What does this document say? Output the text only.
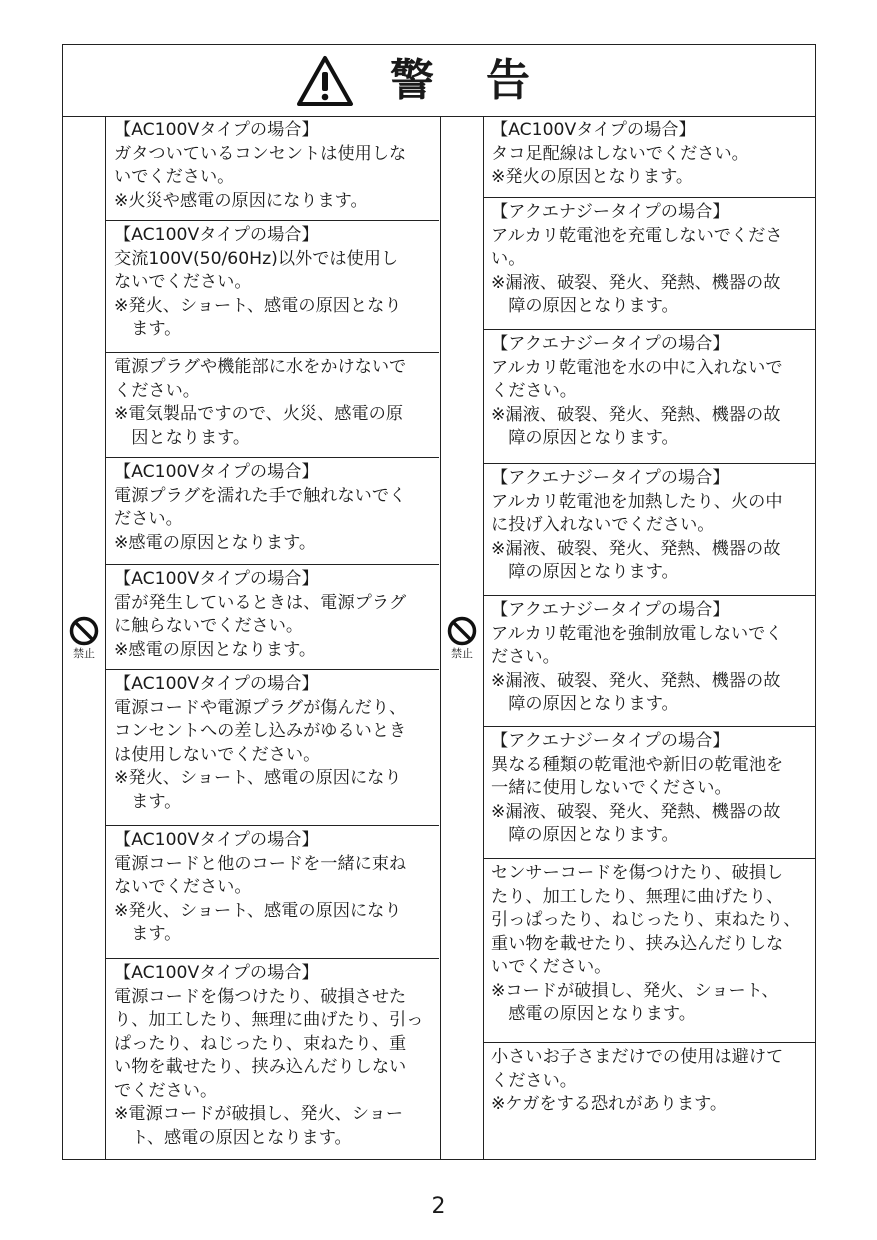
警告
禁止
【AC100Vタイプの場合】
ガタついているコンセントは使用しな
いでください。
※火災や感電の原因になります。
【AC100Vタイプの場合】
交流100V(50/60Hz)以外では使用し
ないでください。
※発火、ショート、感電の原因となり
　ます。
電源プラグや機能部に水をかけないで
ください。
※電気製品ですので、火災、感電の原
　因となります。
【AC100Vタイプの場合】
電源プラグを濡れた手で触れないでく
ださい。
※感電の原因となります。
【AC100Vタイプの場合】
雷が発生しているときは、電源プラグ
に触らないでください。
※感電の原因となります。
【AC100Vタイプの場合】
電源コードや電源プラグが傷んだり、
コンセントへの差し込みがゆるいとき
は使用しないでください。
※発火、ショート、感電の原因になり
　ます。
【AC100Vタイプの場合】
電源コードと他のコードを一緒に束ね
ないでください。
※発火、ショート、感電の原因になり
　ます。
【AC100Vタイプの場合】
電源コードを傷つけたり、破損させた
り、加工したり、無理に曲げたり、引っ
ぱったり、ねじったり、束ねたり、重
い物を載せたり、挟み込んだりしない
でください。
※電源コードが破損し、発火、ショー
　ト、感電の原因となります。
禁止
【AC100Vタイプの場合】
タコ足配線はしないでください。
※発火の原因となります。
【アクエナジータイプの場合】
アルカリ乾電池を充電しないでくださ
い。
※漏液、破裂、発火、発熱、機器の故
　障の原因となります。
【アクエナジータイプの場合】
アルカリ乾電池を水の中に入れないで
ください。
※漏液、破裂、発火、発熱、機器の故
　障の原因となります。
【アクエナジータイプの場合】
アルカリ乾電池を加熱したり、火の中
に投げ入れないでください。
※漏液、破裂、発火、発熱、機器の故
　障の原因となります。
【アクエナジータイプの場合】
アルカリ乾電池を強制放電しないでく
ださい。
※漏液、破裂、発火、発熱、機器の故
　障の原因となります。
【アクエナジータイプの場合】
異なる種類の乾電池や新旧の乾電池を
一緒に使用しないでください。
※漏液、破裂、発火、発熱、機器の故
　障の原因となります。
センサーコードを傷つけたり、破損し
たり、加工したり、無理に曲げたり、
引っぱったり、ねじったり、束ねたり、
重い物を載せたり、挟み込んだりしな
いでください。
※コードが破損し、発火、ショート、
　感電の原因となります。
小さいお子さまだけでの使用は避けて
ください。
※ケガをする恐れがあります。
2
